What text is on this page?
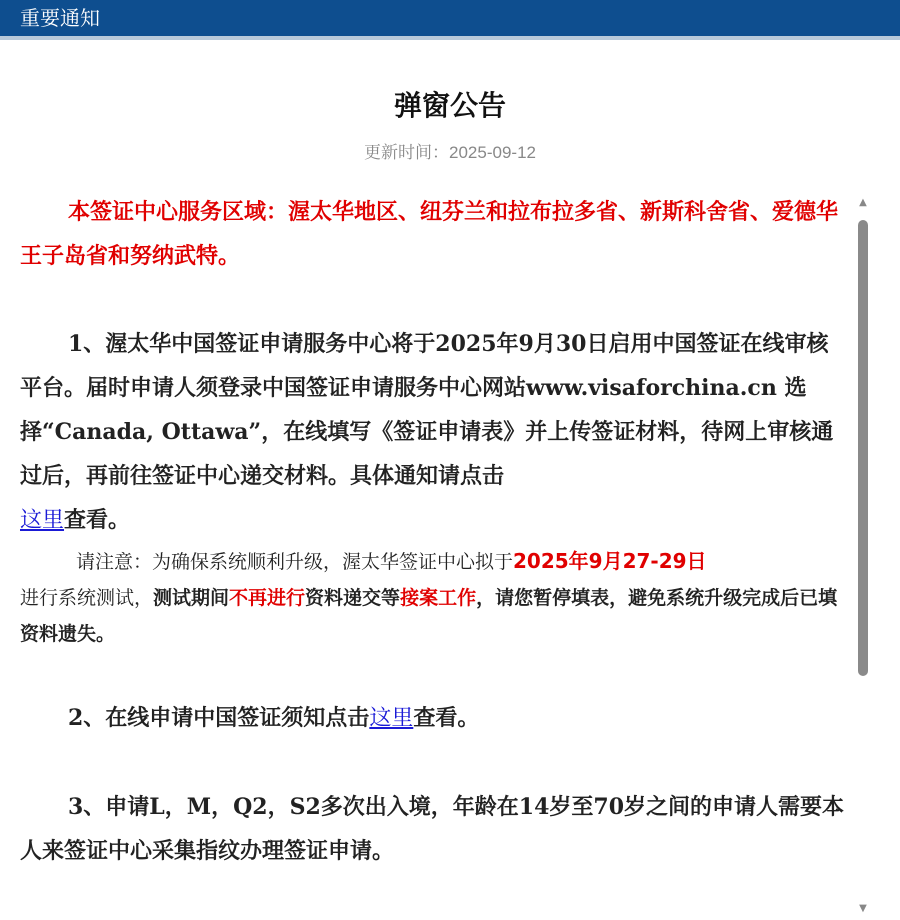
重要通知
弹窗公告
更新时间：2025-09-12

本签证中心服务区域：渥太华地区、纽芬兰和拉布拉多省、新斯科舍省、爱德华王子岛省和努纳武特。

1、渥太华中国签证申请服务中心将于2025年9月30日启用中国签证在线审核平台。届时申请人须登录中国签证申请服务中心网站www.visaforchina.cn 选择“Canada, Ottawa”，在线填写《签证申请表》并上传签证材料，待网上审核通过后，再前往签证中心递交材料。具体通知请点击
这里查看。

请注意：为确保系统顺利升级，渥太华签证中心拟于2025年9月27-29日
进行系统测试，测试期间不再进行资料递交等接案工作，请您暂停填表，避免系统升级完成后已填资料遗失。

2、在线申请中国签证须知点击这里查看。

3、申请L，M，Q2，S2多次出入境，年龄在14岁至70岁之间的申请人需要本人来签证中心采集指纹办理签证申请。

▲
▼
